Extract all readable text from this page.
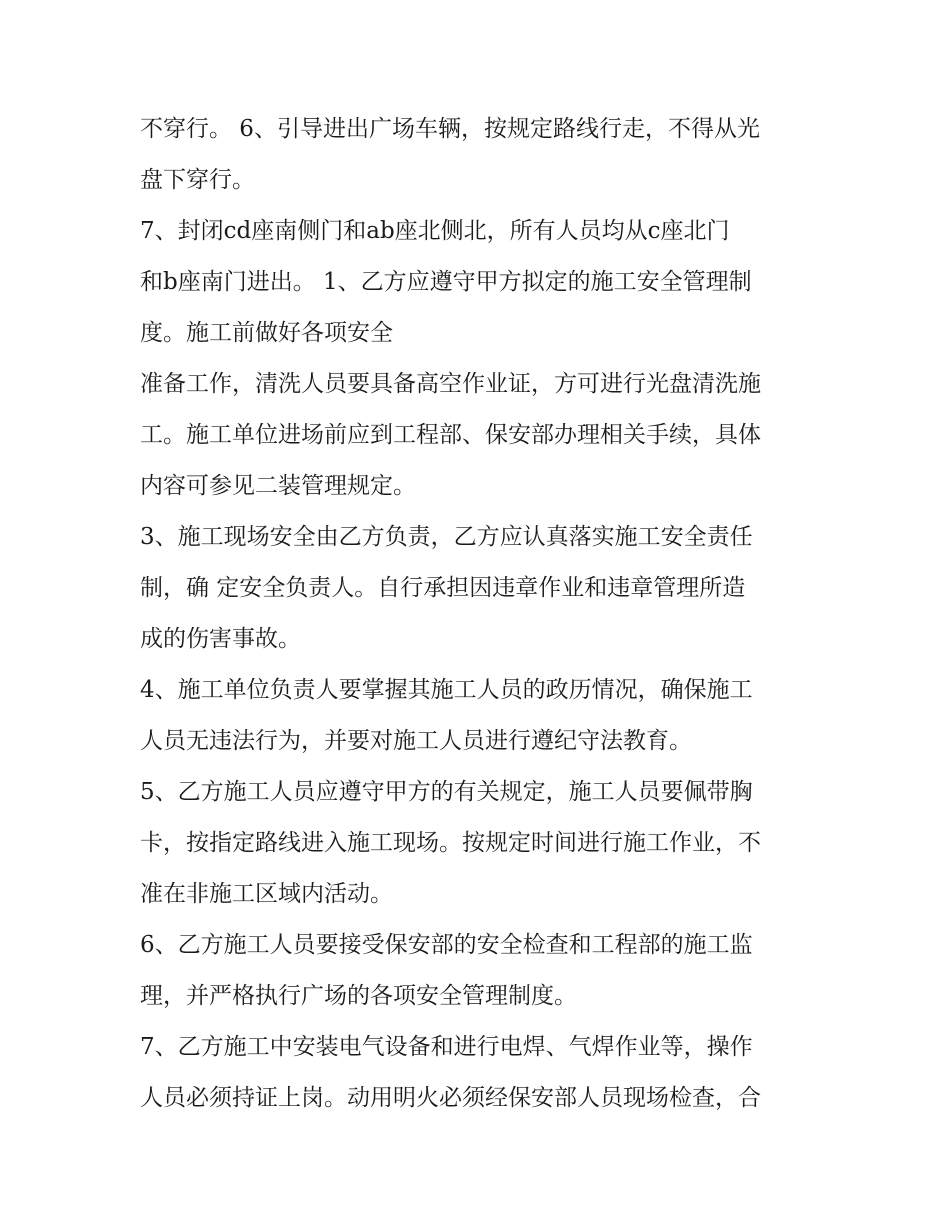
不穿行。 6、引导进出广场车辆，按规定路线行走，不得从光
盘下穿行。
7、封闭cd座南侧门和ab座北侧北，所有人员均从c座北门
和b座南门进出。 1、乙方应遵守甲方拟定的施工安全管理制
度。施工前做好各项安全
准备工作，清洗人员要具备高空作业证，方可进行光盘清洗施
工。施工单位进场前应到工程部、保安部办理相关手续，具体
内容可参见二装管理规定。
3、施工现场安全由乙方负责，乙方应认真落实施工安全责任
制，确 定安全负责人。自行承担因违章作业和违章管理所造
成的伤害事故。
4、施工单位负责人要掌握其施工人员的政历情况，确保施工
人员无违法行为，并要对施工人员进行遵纪守法教育。
5、乙方施工人员应遵守甲方的有关规定，施工人员要佩带胸
卡，按指定路线进入施工现场。按规定时间进行施工作业，不
准在非施工区域内活动。
6、乙方施工人员要接受保安部的安全检查和工程部的施工监
理，并严格执行广场的各项安全管理制度。
7、乙方施工中安装电气设备和进行电焊、气焊作业等，操作
人员必须持证上岗。动用明火必须经保安部人员现场检查，合
